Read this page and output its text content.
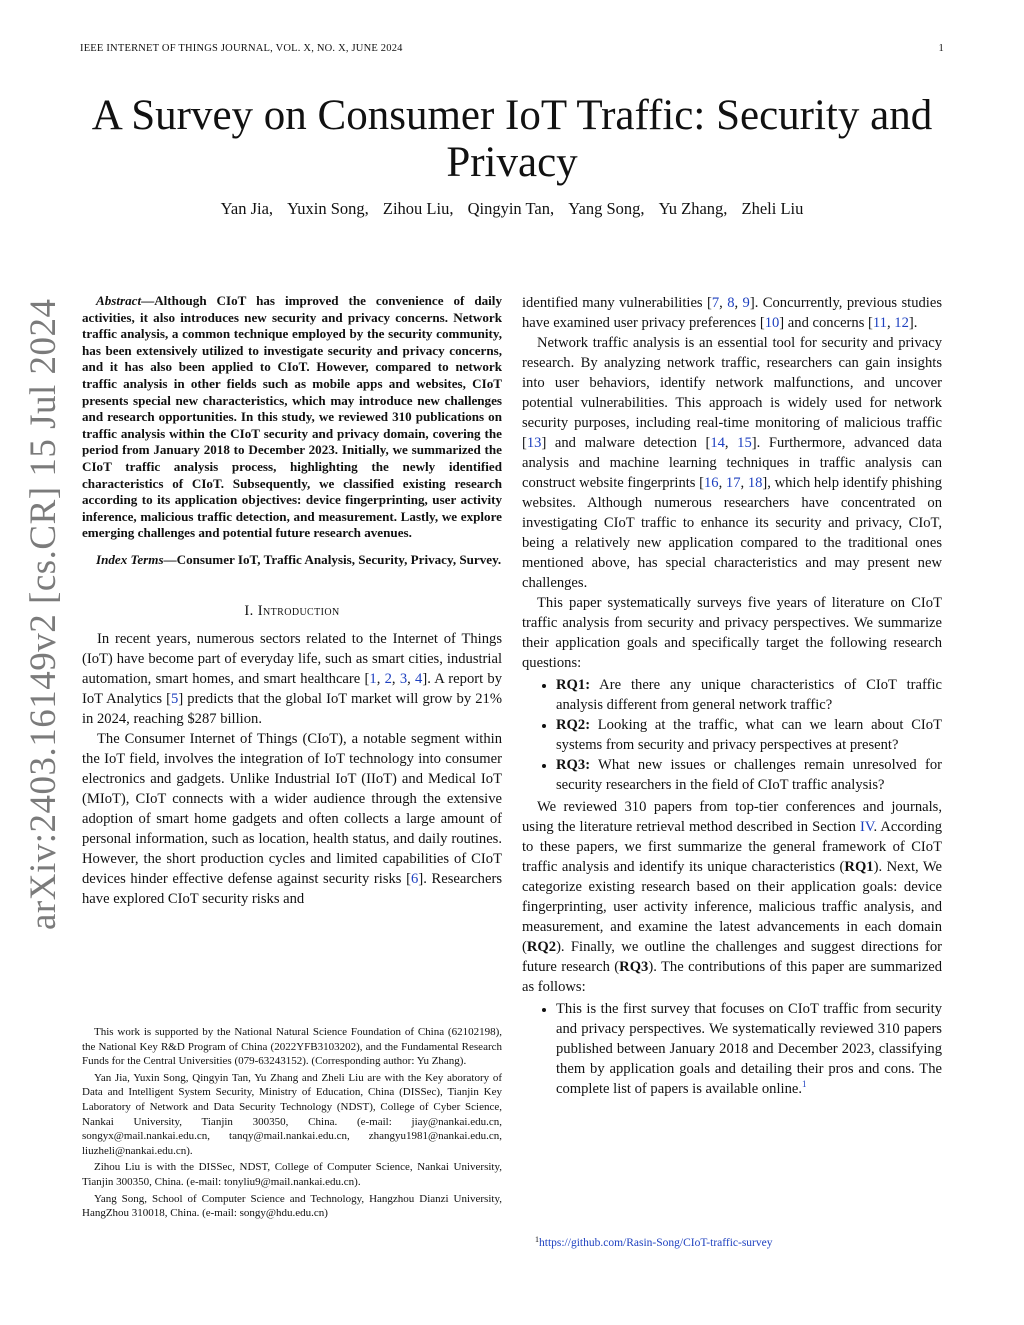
IEEE INTERNET OF THINGS JOURNAL, VOL. X, NO. X, JUNE 2024	1
A Survey on Consumer IoT Traffic: Security and Privacy
Yan Jia, Yuxin Song, Zihou Liu, Qingyin Tan, Yang Song, Yu Zhang, Zheli Liu
arXiv:2403.16149v2 [cs.CR] 15 Jul 2024	Abstract—Although CIoT has improved the convenience of daily activities, it also introduces new security and privacy concerns. Network traffic analysis, a common technique employed by the security community, has been extensively utilized to investigate security and privacy concerns, and it has also been applied to CIoT. However, compared to network traffic analysis in other fields such as mobile apps and websites, CIoT presents special new characteristics, which may introduce new challenges and research opportunities. In this study, we reviewed 310 publications on traffic analysis within the CIoT security and privacy domain, covering the period from January 2018 to December 2023. Initially, we summarized the CIoT traffic analysis process, highlighting the newly identified characteristics of CIoT. Subsequently, we classified existing research according to its application objectives: device fingerprinting, user activity inference, malicious traffic detection, and measurement. Lastly, we explore emerging challenges and potential future research avenues.

Index Terms—Consumer IoT, Traffic Analysis, Security, Privacy, Survey.

I. Introduction

In recent years, numerous sectors related to the Internet of Things (IoT) have become part of everyday life, such as smart cities, industrial automation, smart homes, and smart healthcare [1, 2, 3, 4]. A report by IoT Analytics [5] predicts that the global IoT market will grow by 21% in 2024, reaching $287 billion.

The Consumer Internet of Things (CIoT), a notable segment within the IoT field, involves the integration of IoT technology into consumer electronics and gadgets. Unlike Industrial IoT (IIoT) and Medical IoT (MIoT), CIoT connects with a wider audience through the extensive adoption of smart home gadgets and often collects a large amount of personal information, such as location, health status, and daily routines. However, the short production cycles and limited capabilities of CIoT devices hinder effective defense against security risks [6]. Researchers have explored CIoT security risks and

This work is supported by the National Natural Science Foundation of China (62102198), the National Key R&D Program of China (2022YFB3103202), and the Fundamental Research Funds for the Central Universities (079-63243152). (Corresponding author: Yu Zhang).

Yan Jia, Yuxin Song, Qingyin Tan, Yu Zhang and Zheli Liu are with the Key aboratory of Data and Intelligent System Security, Ministry of Education, China (DISSec), Tianjin Key Laboratory of Network and Data Security Technology (NDST), College of Cyber Science, Nankai University, Tianjin 300350, China. (e-mail: jiay@nankai.edu.cn, songyx@mail.nankai.edu.cn, tanqy@mail.nankai.edu.cn, zhangyu1981@nankai.edu.cn, liuzheli@nankai.edu.cn).

Zihou Liu is with the DISSec, NDST, College of Computer Science, Nankai University, Tianjin 300350, China. (e-mail: tonyliu9@mail.nankai.edu.cn).

Yang Song, School of Computer Science and Technology, Hangzhou Dianzi University, HangZhou 310018, China. (e-mail: songy@hdu.edu.cn)

identified many vulnerabilities [7, 8, 9]. Concurrently, previous studies have examined user privacy preferences [10] and concerns [11, 12].

Network traffic analysis is an essential tool for security and privacy research. By analyzing network traffic, researchers can gain insights into user behaviors, identify network malfunctions, and uncover potential vulnerabilities. This approach is widely used for network security purposes, including real-time monitoring of malicious traffic [13] and malware detection [14, 15]. Furthermore, advanced data analysis and machine learning techniques in traffic analysis can construct website fingerprints [16, 17, 18], which help identify phishing websites. Although numerous researchers have concentrated on investigating CIoT traffic to enhance its security and privacy, CIoT, being a relatively new application compared to the traditional ones mentioned above, has special characteristics and may present new challenges.

This paper systematically surveys five years of literature on CIoT traffic analysis from security and privacy perspectives. We summarize their application goals and specifically target the following research questions:

• RQ1: Are there any unique characteristics of CIoT traffic analysis different from general network traffic?
• RQ2: Looking at the traffic, what can we learn about CIoT systems from security and privacy perspectives at present?
• RQ3: What new issues or challenges remain unresolved for security researchers in the field of CIoT traffic analysis?

We reviewed 310 papers from top-tier conferences and journals, using the literature retrieval method described in Section IV. According to these papers, we first summarize the general framework of CIoT traffic analysis and identify its unique characteristics (RQ1). Next, We categorize existing research based on their application goals: device fingerprinting, user activity inference, malicious traffic analysis, and measurement, and examine the latest advancements in each domain (RQ2). Finally, we outline the challenges and suggest directions for future research (RQ3). The contributions of this paper are summarized as follows:

• This is the first survey that focuses on CIoT traffic from security and privacy perspectives. We systematically reviewed 310 papers published between January 2018 and December 2023, classifying them by application goals and detailing their pros and cons. The complete list of papers is available online.$^1$
$^1$https://github.com/Rasin-Song/CIoT-traffic-survey
